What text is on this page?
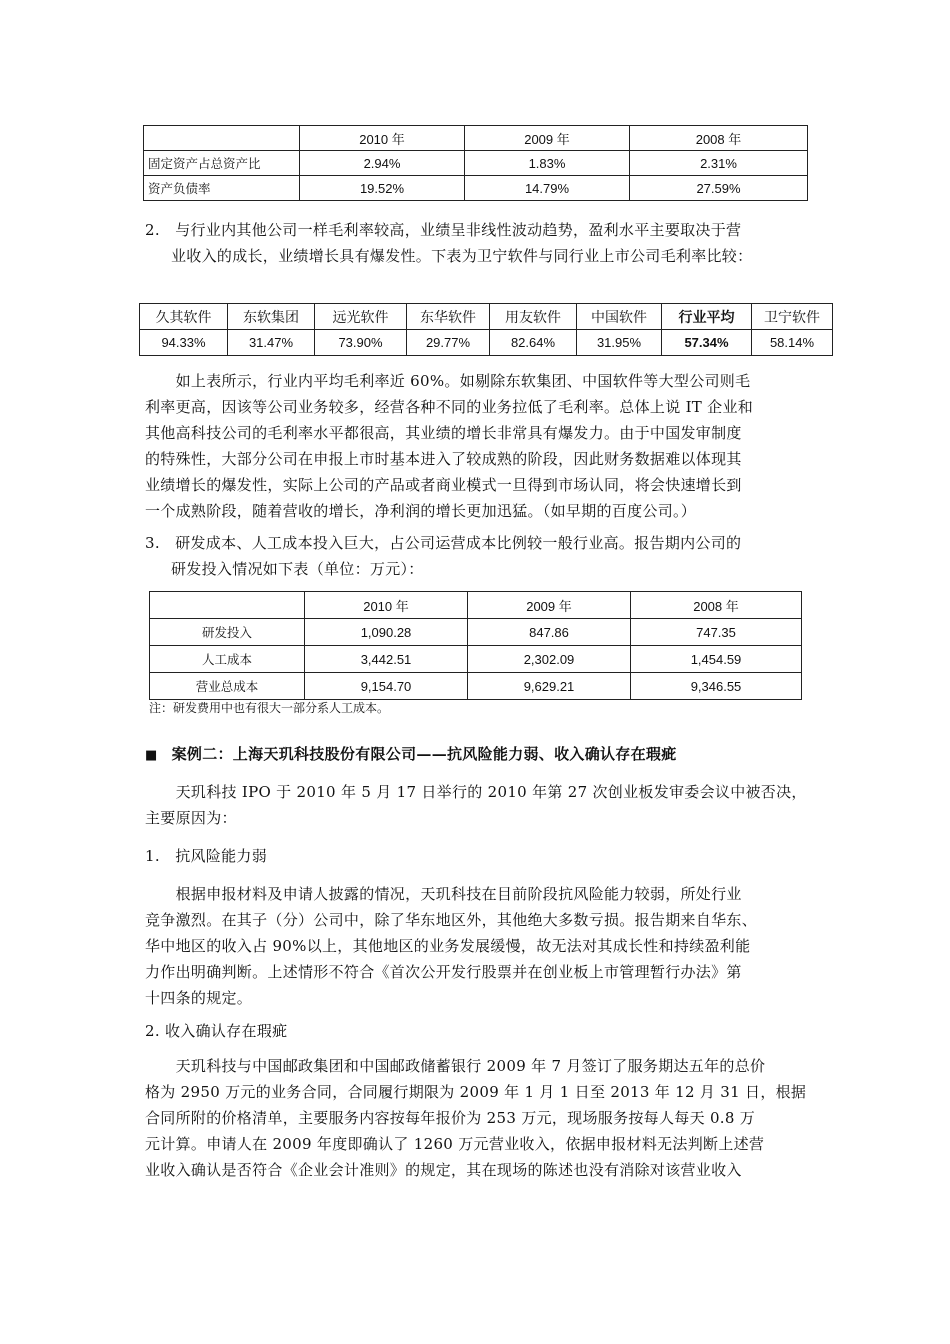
	2010 年	2009 年	2008 年
固定资产占总资产比	2.94%	1.83%	2.31%
资产负债率	19.52%	14.79%	27.59%
2.　与行业内其他公司一样毛利率较高，业绩呈非线性波动趋势，盈利水平主要取决于营
业收入的成长，业绩增长具有爆发性。下表为卫宁软件与同行业上市公司毛利率比较：
久其软件	东软集团	远光软件	东华软件	用友软件	中国软件	行业平均	卫宁软件
94.33%	31.47%	73.90%	29.77%	82.64%	31.95%	57.34%	58.14%
　　如上表所示，行业内平均毛利率近 60%。如剔除东软集团、中国软件等大型公司则毛
利率更高，因该等公司业务较多，经营各种不同的业务拉低了毛利率。总体上说 IT 企业和
其他高科技公司的毛利率水平都很高，其业绩的增长非常具有爆发力。由于中国发审制度
的特殊性，大部分公司在申报上市时基本进入了较成熟的阶段，因此财务数据难以体现其
业绩增长的爆发性，实际上公司的产品或者商业模式一旦得到市场认同，将会快速增长到
一个成熟阶段，随着营收的增长，净利润的增长更加迅猛。（如早期的百度公司。）
3.　研发成本、人工成本投入巨大，占公司运营成本比例较一般行业高。报告期内公司的
研发投入情况如下表（单位：万元）：
	2010 年	2009 年	2008 年
研发投入	1,090.28	847.86	747.35
人工成本	3,442.51	2,302.09	1,454.59
营业总成本	9,154.70	9,629.21	9,346.55
注：研发费用中也有很大一部分系人工成本。
■ 案例二：上海天玑科技股份有限公司——抗风险能力弱、收入确认存在瑕疵
　　天玑科技 IPO 于 2010 年 5 月 17 日举行的 2010 年第 27 次创业板发审委会议中被否决，
主要原因为：
1.　抗风险能力弱
　　根据申报材料及申请人披露的情况，天玑科技在目前阶段抗风险能力较弱，所处行业
竞争激烈。在其子（分）公司中，除了华东地区外，其他绝大多数亏损。报告期来自华东、
华中地区的收入占 90%以上，其他地区的业务发展缓慢，故无法对其成长性和持续盈利能
力作出明确判断。上述情形不符合《首次公开发行股票并在创业板上市管理暂行办法》第
十四条的规定。
2. 收入确认存在瑕疵
　　天玑科技与中国邮政集团和中国邮政储蓄银行 2009 年 7 月签订了服务期达五年的总价
格为 2950 万元的业务合同，合同履行期限为 2009 年 1 月 1 日至 2013 年 12 月 31 日，根据
合同所附的价格清单，主要服务内容按每年报价为 253 万元，现场服务按每人每天 0.8 万
元计算。申请人在 2009 年度即确认了 1260 万元营业收入，依据申报材料无法判断上述营
业收入确认是否符合《企业会计准则》的规定，其在现场的陈述也没有消除对该营业收入
